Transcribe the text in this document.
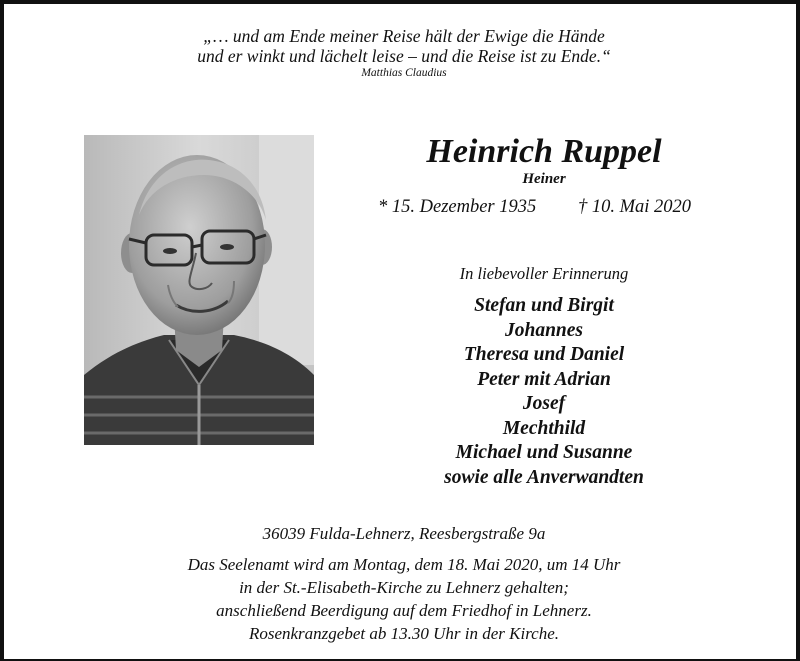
„… und am Ende meiner Reise hält der Ewige die Hände
und er winkt und lächelt leise – und die Reise ist zu Ende.“
Matthias Claudius
Heinrich Ruppel
Heiner
* 15. Dezember 1935 † 10. Mai 2020
In liebevoller Erinnerung
Stefan und Birgit
Johannes
Theresa und Daniel
Peter mit Adrian
Josef
Mechthild
Michael und Susanne
sowie alle Anverwandten
36039 Fulda-Lehnerz, Reesbergstraße 9a
Das Seelenamt wird am Montag, dem 18. Mai 2020, um 14 Uhr
in der St.-Elisabeth-Kirche zu Lehnerz gehalten;
anschließend Beerdigung auf dem Friedhof in Lehnerz.
Rosenkranzgebet ab 13.30 Uhr in der Kirche.
